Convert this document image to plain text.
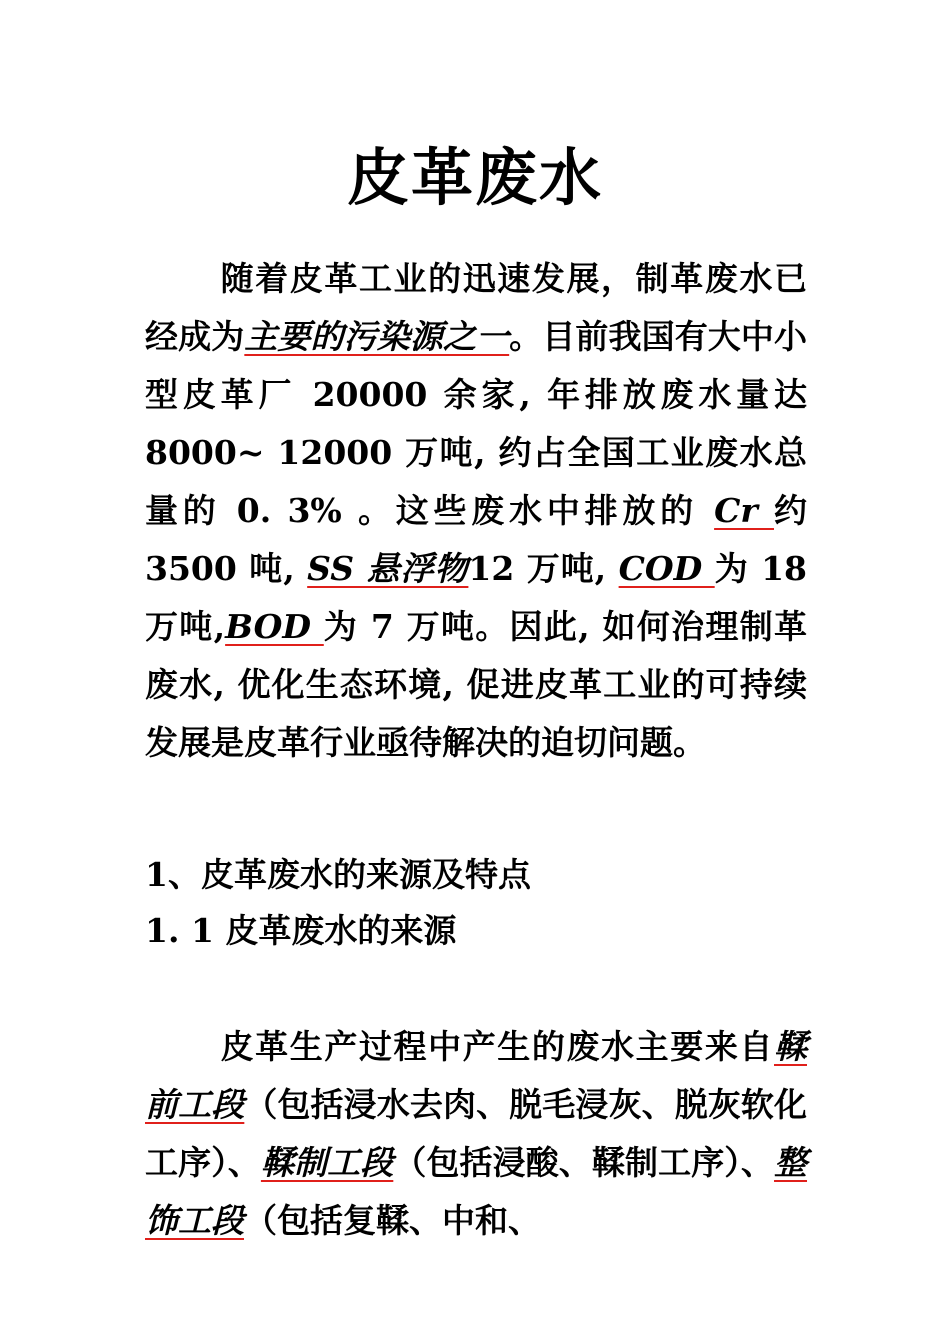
皮革废水
随着皮革工业的迅速发展，制革废水已经成为主要的污染源之一。目前我国有大中小型皮革厂 20000 余家, 年排放废水量达 8000~ 12000 万吨, 约占全国工业废水总量的 0. 3% 。这些废水中排放的 Cr 约 3500 吨, SS 悬浮物12 万吨, COD 为 18 万吨,BOD 为 7 万吨。因此, 如何治理制革废水, 优化生态环境, 促进皮革工业的可持续发展是皮革行业亟待解决的迫切问题。
1、皮革废水的来源及特点
1. 1 皮革废水的来源
皮革生产过程中产生的废水主要来自鞣前工段（包括浸水去肉、脱毛浸灰、脱灰软化工序）、鞣制工段（包括浸酸、鞣制工序）、整饰工段（包括复鞣、中和、
